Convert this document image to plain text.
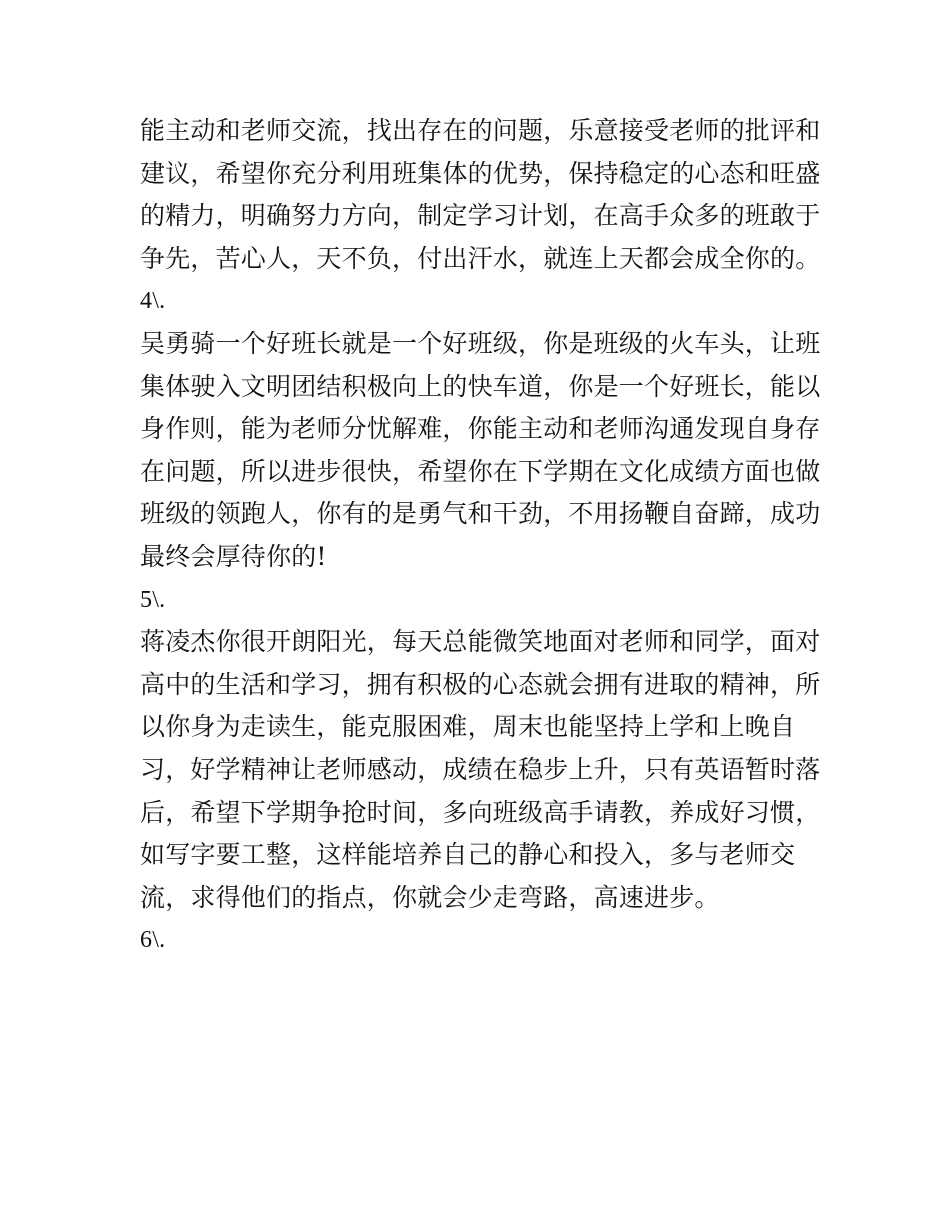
能主动和老师交流，找出存在的问题，乐意接受老师的批评和
建议，希望你充分利用班集体的优势，保持稳定的心态和旺盛
的精力，明确努力方向，制定学习计划，在高手众多的班敢于
争先，苦心人，天不负，付出汗水，就连上天都会成全你的。
4\.
吴勇骑一个好班长就是一个好班级，你是班级的火车头，让班
集体驶入文明团结积极向上的快车道，你是一个好班长，能以
身作则，能为老师分忧解难，你能主动和老师沟通发现自身存
在问题，所以进步很快，希望你在下学期在文化成绩方面也做
班级的领跑人，你有的是勇气和干劲，不用扬鞭自奋蹄，成功
最终会厚待你的!
5\.
蒋凌杰你很开朗阳光，每天总能微笑地面对老师和同学，面对
高中的生活和学习，拥有积极的心态就会拥有进取的精神，所
以你身为走读生，能克服困难，周末也能坚持上学和上晚自
习，好学精神让老师感动，成绩在稳步上升，只有英语暂时落
后，希望下学期争抢时间，多向班级高手请教，养成好习惯，
如写字要工整，这样能培养自己的静心和投入，多与老师交
流，求得他们的指点，你就会少走弯路，高速进步。
6\.
